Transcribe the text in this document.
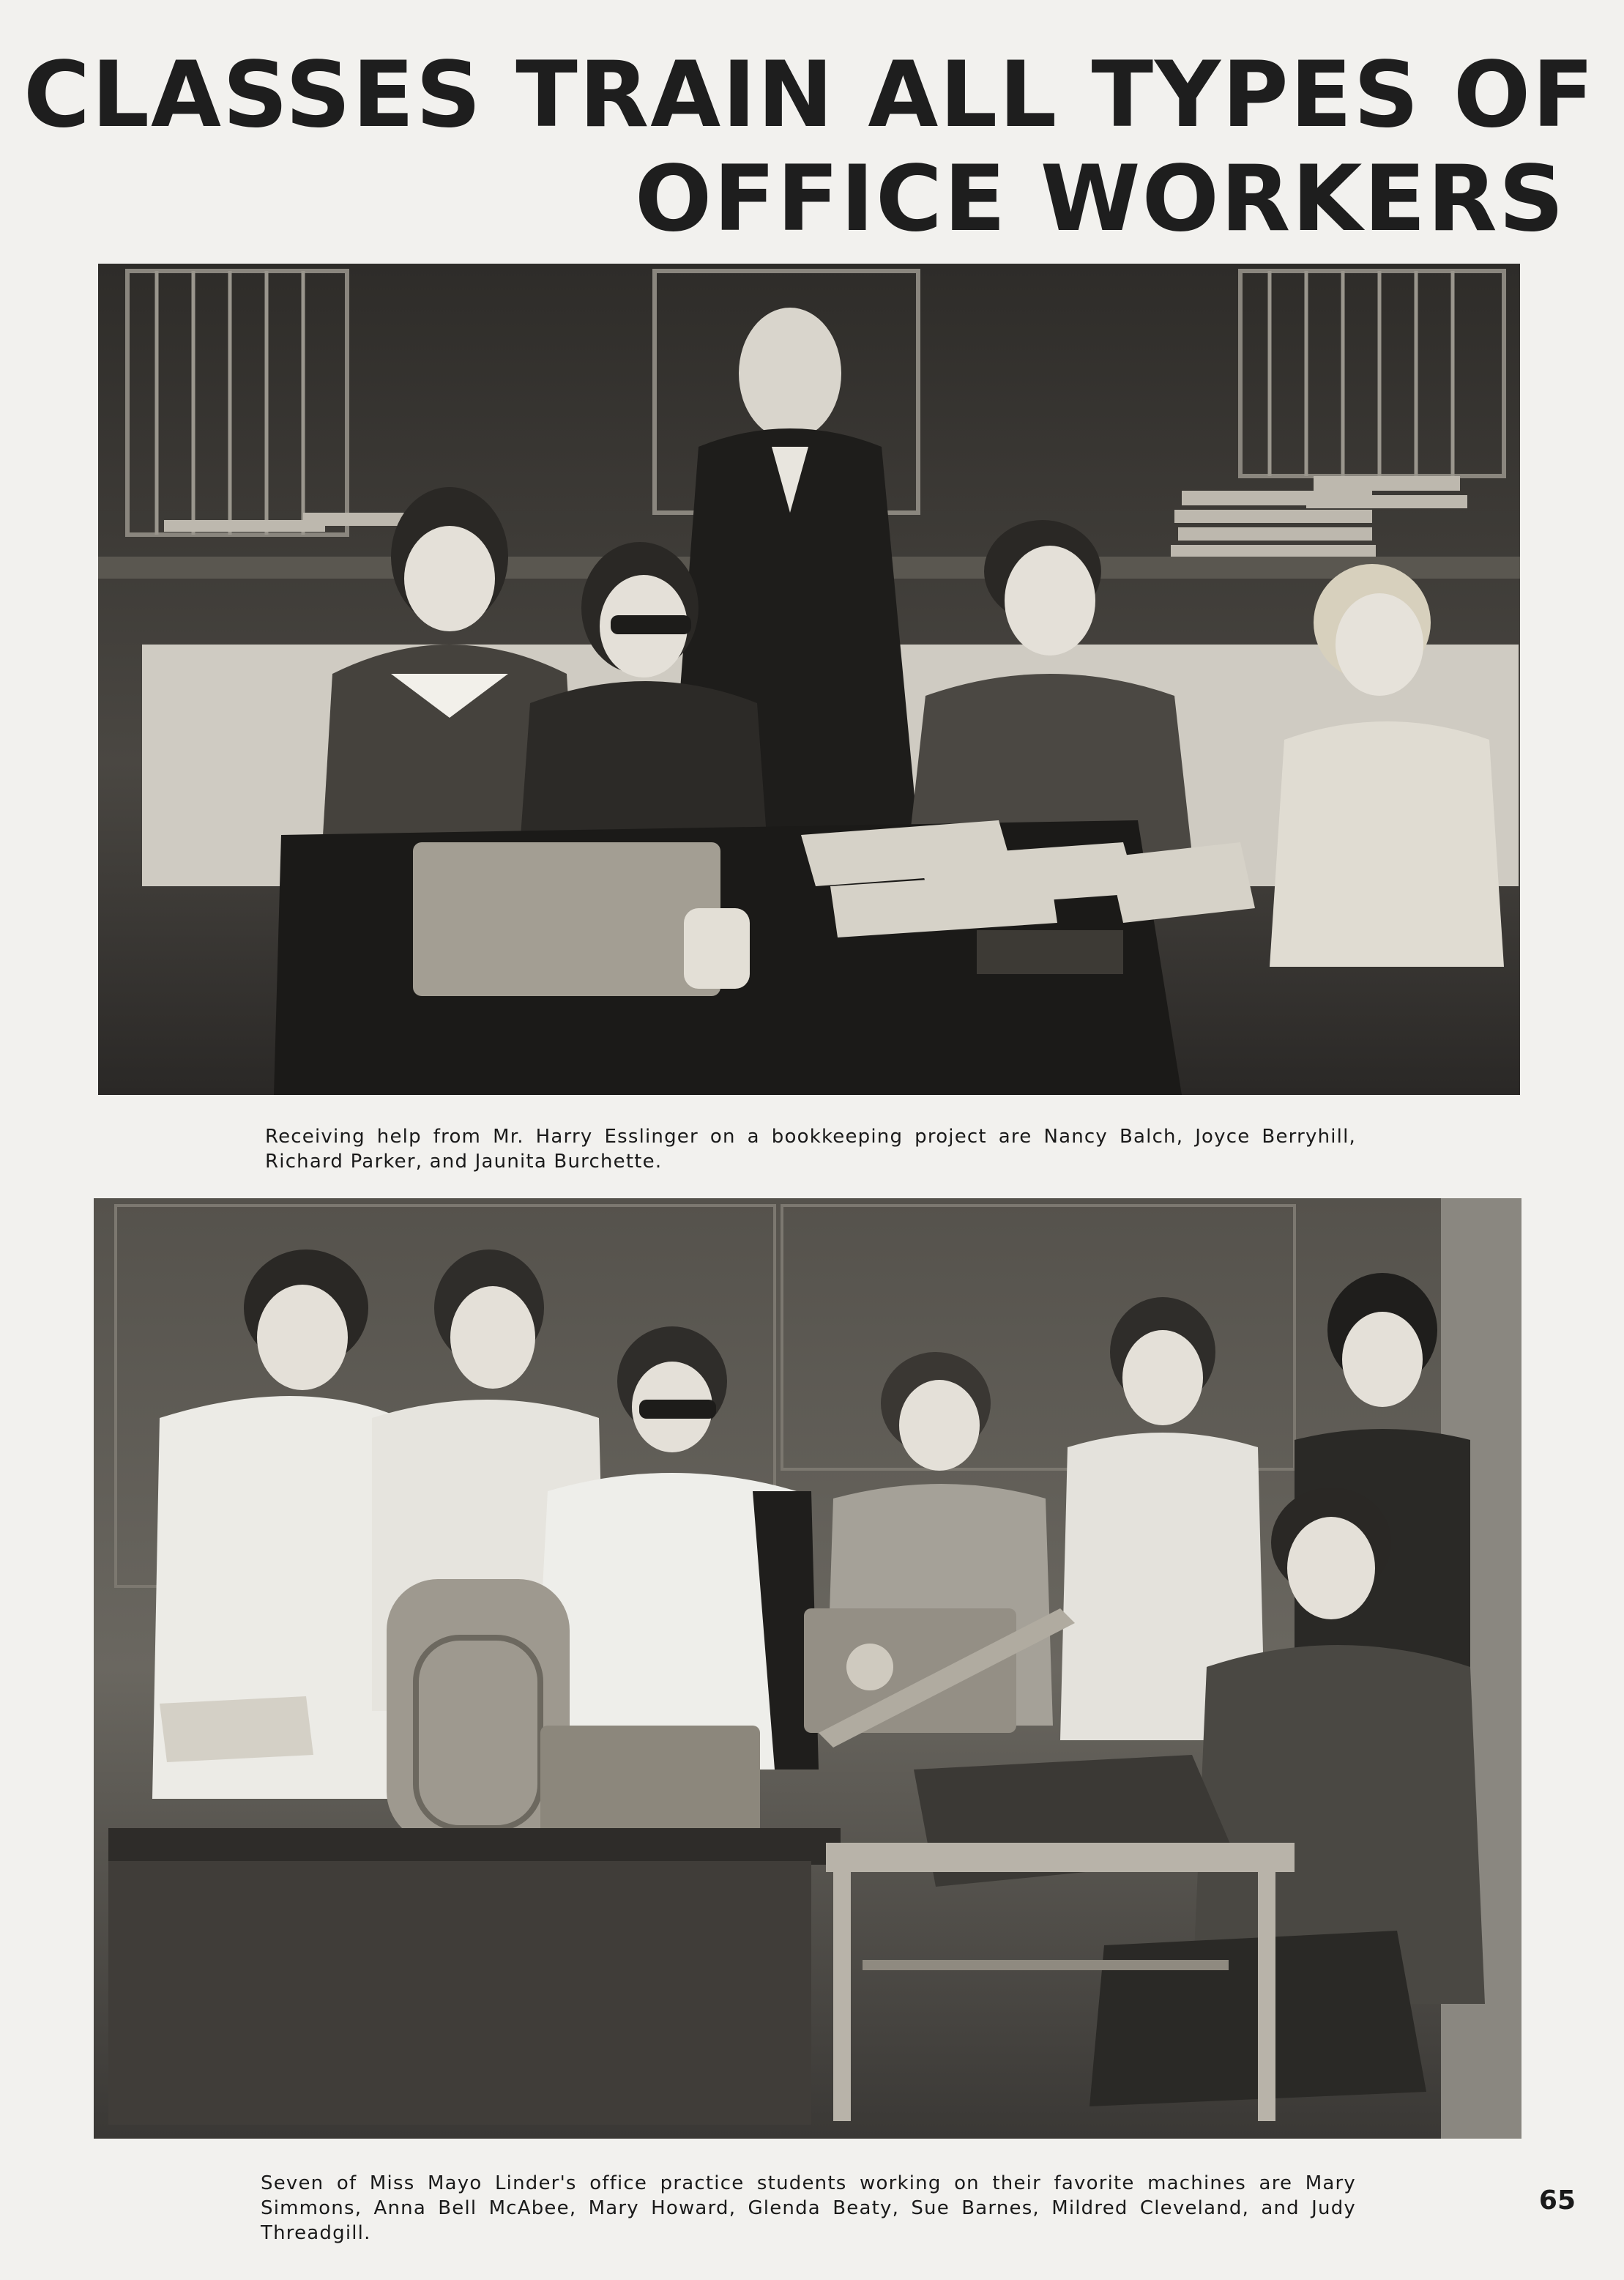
CLASSES TRAIN ALL TYPES OF
OFFICE WORKERS

Receiving help from Mr. Harry Esslinger on a bookkeeping project are Nancy Balch, Joyce Berryhill, Richard Parker, and Jaunita Burchette.

Seven of Miss Mayo Linder's office practice students working on their favorite machines are Mary Simmons, Anna Bell McAbee, Mary Howard, Glenda Beaty, Sue Barnes, Mildred Cleveland, and Judy Threadgill.

65
